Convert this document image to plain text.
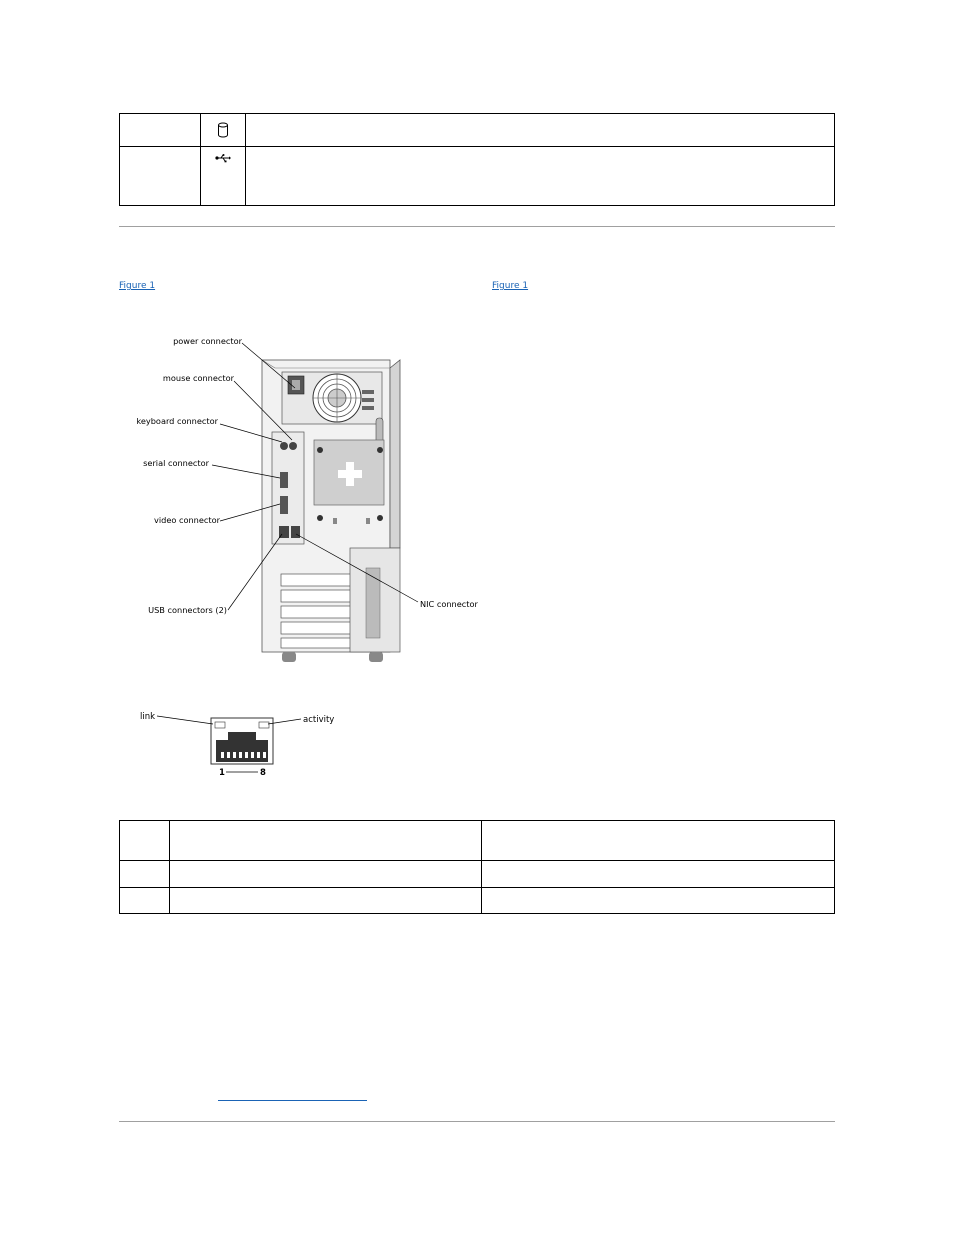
Figure 1	Figure 1
power connector
mouse connector
keyboard connector
serial connector
video connector
USB connectors (2)
NIC connector
link	activity
1	8
